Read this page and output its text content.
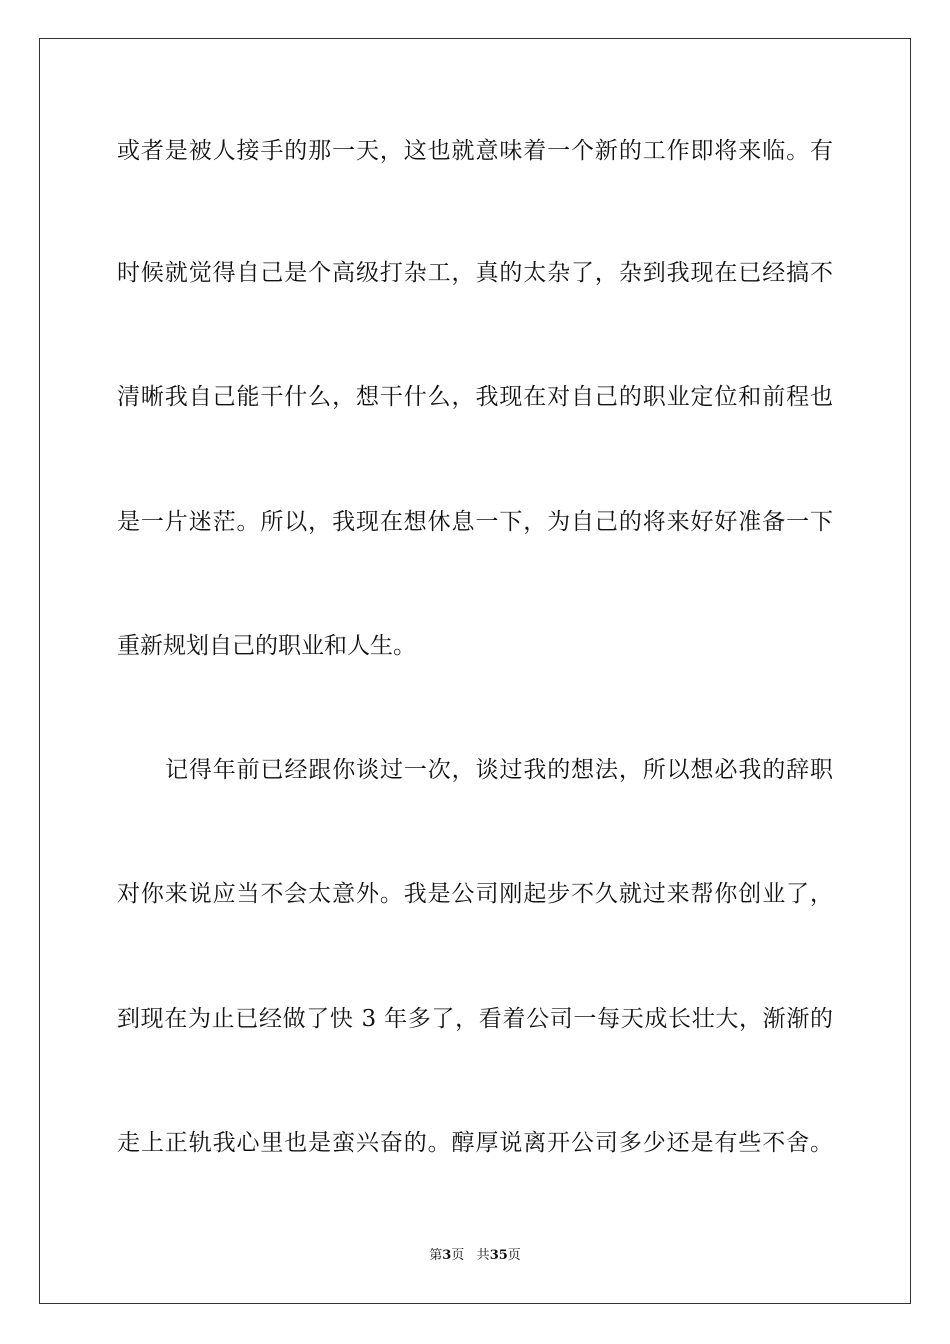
或者是被人接手的那一天，这也就意味着一个新的工作即将来临。有
时候就觉得自己是个高级打杂工，真的太杂了，杂到我现在已经搞不
清晰我自己能干什么，想干什么，我现在对自己的职业定位和前程也
是一片迷茫。所以，我现在想休息一下，为自己的将来好好准备一下
重新规划自己的职业和人生。
记得年前已经跟你谈过一次，谈过我的想法，所以想必我的辞职
对你来说应当不会太意外。我是公司刚起步不久就过来帮你创业了，
到现在为止已经做了快 3 年多了，看着公司一每天成长壮大，渐渐的
走上正轨我心里也是蛮兴奋的。醇厚说离开公司多少还是有些不舍。
第3页 共35页
